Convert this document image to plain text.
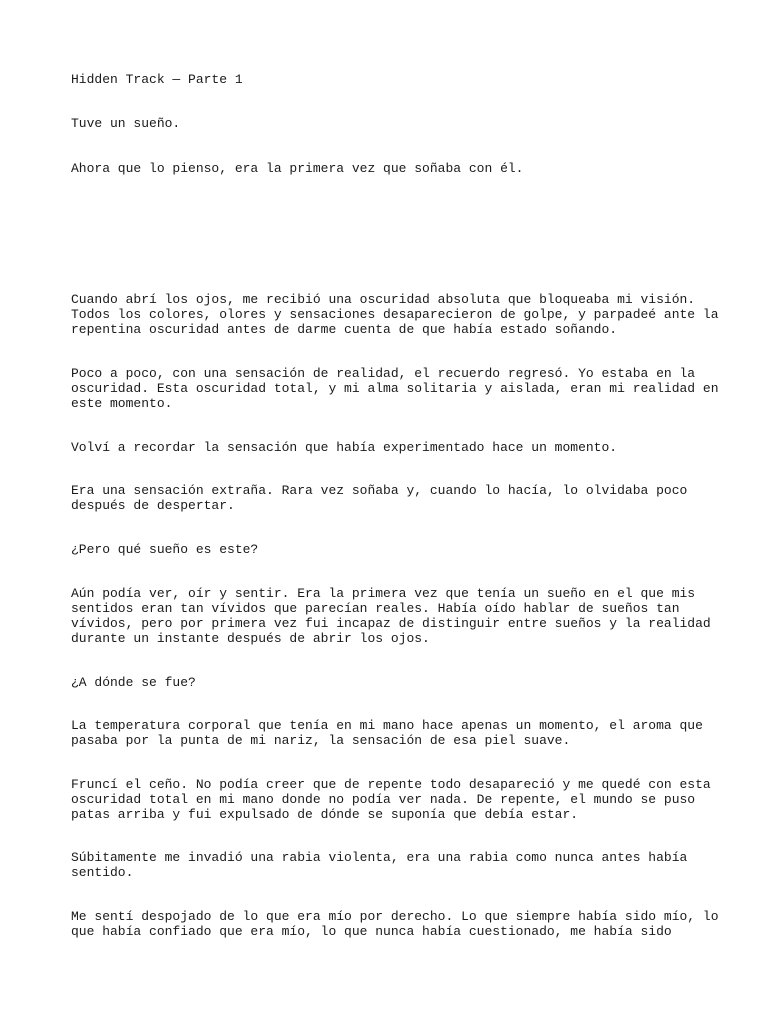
Hidden Track — Parte 1

Tuve un sueño.

Ahora que lo pienso, era la primera vez que soñaba con él.

Cuando abrí los ojos, me recibió una oscuridad absoluta que bloqueaba mi visión.
Todos los colores, olores y sensaciones desaparecieron de golpe, y parpadeé ante la
repentina oscuridad antes de darme cuenta de que había estado soñando.

Poco a poco, con una sensación de realidad, el recuerdo regresó. Yo estaba en la
oscuridad. Esta oscuridad total, y mi alma solitaria y aislada, eran mi realidad en
este momento.

Volví a recordar la sensación que había experimentado hace un momento.

Era una sensación extraña. Rara vez soñaba y, cuando lo hacía, lo olvidaba poco
después de despertar.

¿Pero qué sueño es este?

Aún podía ver, oír y sentir. Era la primera vez que tenía un sueño en el que mis
sentidos eran tan vívidos que parecían reales. Había oído hablar de sueños tan
vívidos, pero por primera vez fui incapaz de distinguir entre sueños y la realidad
durante un instante después de abrir los ojos.

¿A dónde se fue?

La temperatura corporal que tenía en mi mano hace apenas un momento, el aroma que
pasaba por la punta de mi nariz, la sensación de esa piel suave.

Fruncí el ceño. No podía creer que de repente todo desapareció y me quedé con esta
oscuridad total en mi mano donde no podía ver nada. De repente, el mundo se puso
patas arriba y fui expulsado de dónde se suponía que debía estar.

Súbitamente me invadió una rabia violenta, era una rabia como nunca antes había
sentido.

Me sentí despojado de lo que era mío por derecho. Lo que siempre había sido mío, lo
que había confiado que era mío, lo que nunca había cuestionado, me había sido
